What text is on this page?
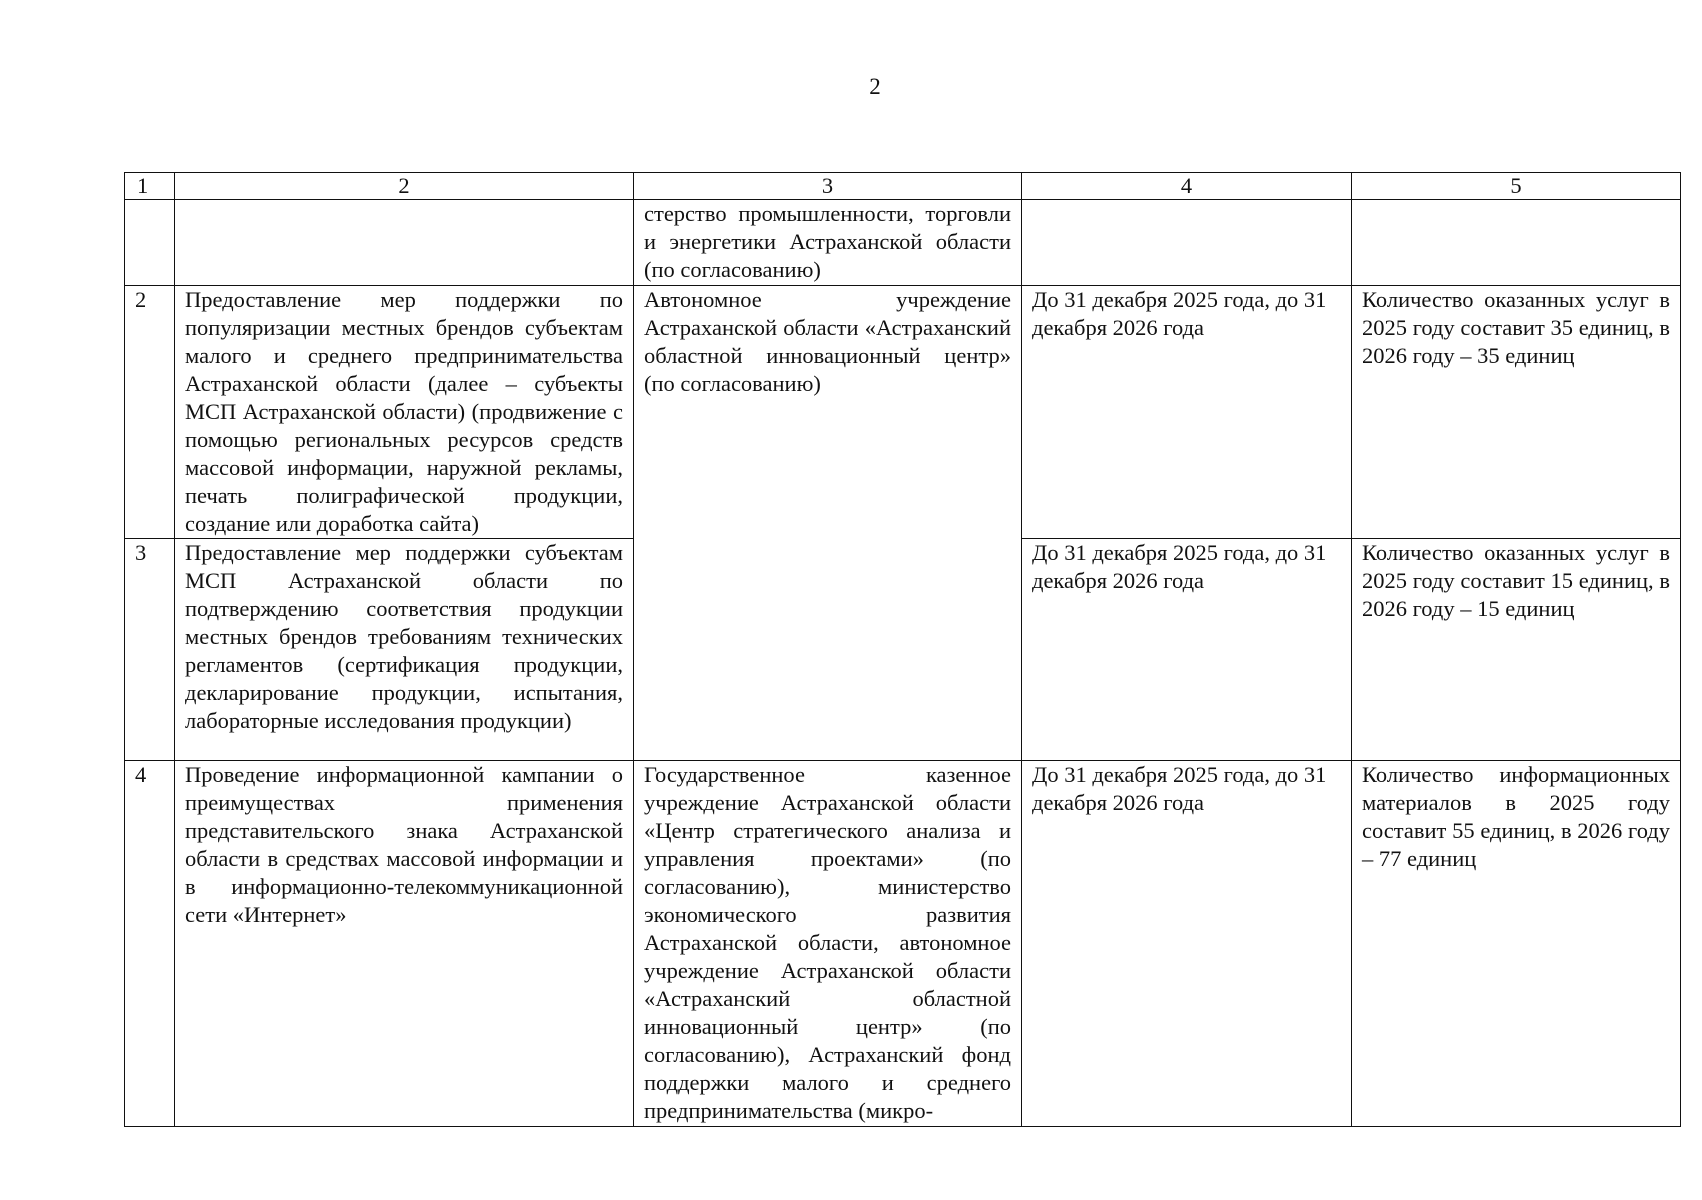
2
1	2	3	4	5
		стерство промышленности, торговли и энергетики Астраханской области (по согласованию)		
2	Предоставление мер поддержки по популяризации местных брендов субъектам малого и среднего предпринимательства Астраханской области (далее – субъекты МСП Астраханской области) (продвижение с помощью региональных ресурсов средств массовой информации, наружной рекламы, печать полиграфической продукции, создание или доработка сайта)	Автономное учреждение Астраханской области «Астраханский областной инновационный центр» (по согласованию)	До 31 декабря 2025 года, до 31 декабря 2026 года	Количество оказанных услуг в 2025 году составит 35 единиц, в 2026 году – 35 единиц
3	Предоставление мер поддержки субъектам МСП Астраханской области по подтверждению соответствия продукции местных брендов требованиям технических регламентов (сертификация продукции, декларирование продукции, испытания, лабораторные исследования продукции)		До 31 декабря 2025 года, до 31 декабря 2026 года	Количество оказанных услуг в 2025 году составит 15 единиц, в 2026 году – 15 единиц
4	Проведение информационной кампании о преимуществах применения представительского знака Астраханской области в средствах массовой информации и в информационно-телекоммуникационной сети «Интернет»	Государственное казенное учреждение Астраханской области «Центр стратегического анализа и управления проектами» (по согласованию), министерство экономического развития Астраханской области, автономное учреждение Астраханской области «Астраханский областной инновационный центр» (по согласованию), Астраханский фонд поддержки малого и среднего предпринимательства (микро-	До 31 декабря 2025 года, до 31 декабря 2026 года	Количество информационных материалов в 2025 году составит 55 единиц, в 2026 году – 77 единиц
